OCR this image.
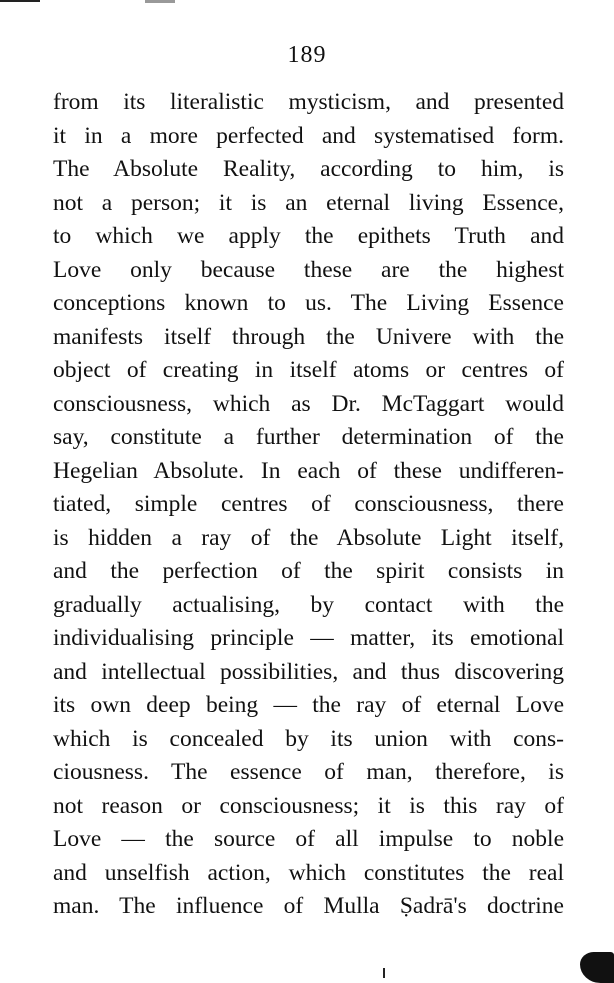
189
from its literalistic mysticism, and presented
it in a more perfected and systematised form.
The Absolute Reality, according to him, is
not a person; it is an eternal living Essence,
to which we apply the epithets Truth and
Love only because these are the highest
conceptions known to us. The Living Essence
manifests itself through the Univere with the
object of creating in itself atoms or centres of
consciousness, which as Dr. McTaggart would
say, constitute a further determination of the
Hegelian Absolute. In each of these undifferen-
tiated, simple centres of consciousness, there
is hidden a ray of the Absolute Light itself,
and the perfection of the spirit consists in
gradually actualising, by contact with the
individualising principle — matter, its emotional
and intellectual possibilities, and thus discovering
its own deep being — the ray of eternal Love
which is concealed by its union with cons-
ciousness. The essence of man, therefore, is
not reason or consciousness; it is this ray of
Love — the source of all impulse to noble
and unselfish action, which constitutes the real
man. The influence of Mulla Ṣadrā's doctrine
